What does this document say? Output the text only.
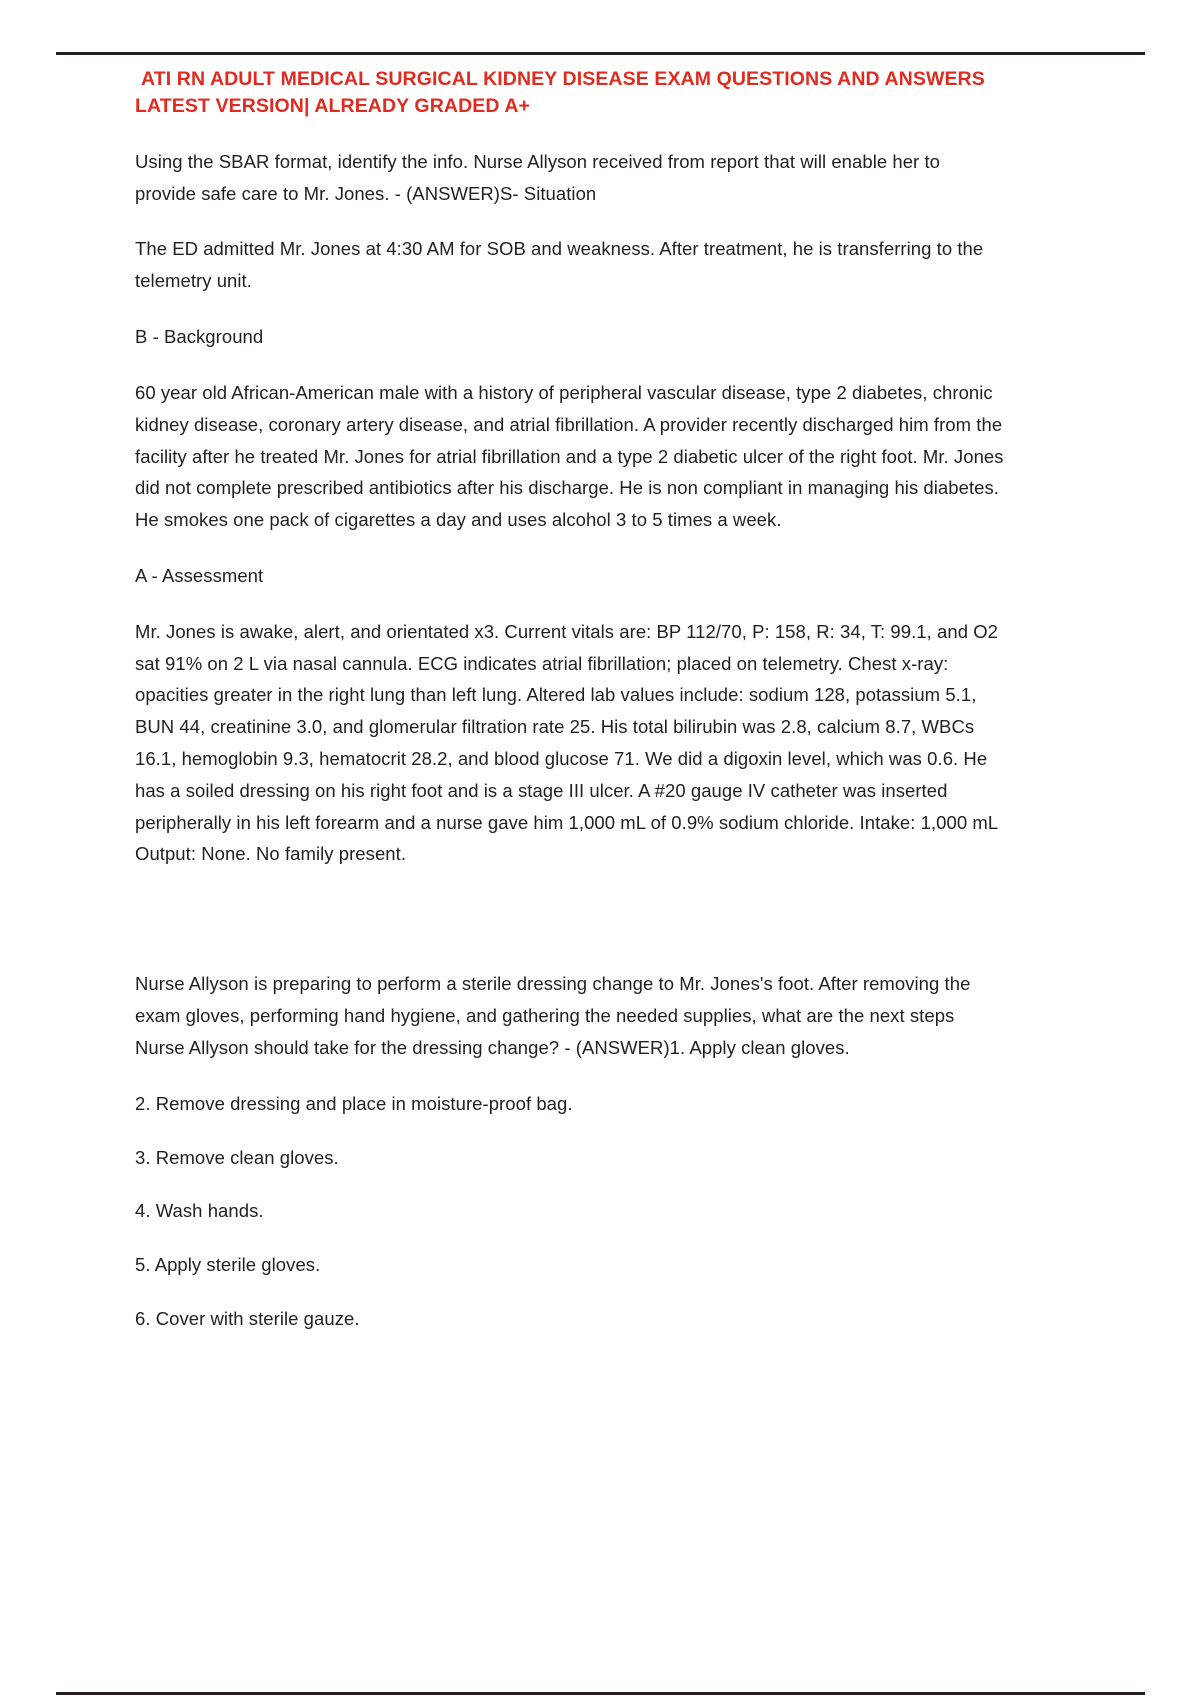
ATI RN ADULT MEDICAL SURGICAL KIDNEY DISEASE EXAM QUESTIONS AND ANSWERS LATEST VERSION| ALREADY GRADED A+

Using the SBAR format, identify the info. Nurse Allyson received from report that will enable her to provide safe care to Mr. Jones. - (ANSWER)S- Situation

The ED admitted Mr. Jones at 4:30 AM for SOB and weakness. After treatment, he is transferring to the telemetry unit.

B - Background

60 year old African-American male with a history of peripheral vascular disease, type 2 diabetes, chronic kidney disease, coronary artery disease, and atrial fibrillation. A provider recently discharged him from the facility after he treated Mr. Jones for atrial fibrillation and a type 2 diabetic ulcer of the right foot. Mr. Jones did not complete prescribed antibiotics after his discharge. He is non compliant in managing his diabetes. He smokes one pack of cigarettes a day and uses alcohol 3 to 5 times a week.

A - Assessment

Mr. Jones is awake, alert, and orientated x3. Current vitals are: BP 112/70, P: 158, R: 34, T: 99.1, and O2 sat 91% on 2 L via nasal cannula. ECG indicates atrial fibrillation; placed on telemetry. Chest x-ray: opacities greater in the right lung than left lung. Altered lab values include: sodium 128, potassium 5.1, BUN 44, creatinine 3.0, and glomerular filtration rate 25. His total bilirubin was 2.8, calcium 8.7, WBCs 16.1, hemoglobin 9.3, hematocrit 28.2, and blood glucose 71. We did a digoxin level, which was 0.6. He has a soiled dressing on his right foot and is a stage III ulcer. A #20 gauge IV catheter was inserted peripherally in his left forearm and a nurse gave him 1,000 mL of 0.9% sodium chloride. Intake: 1,000 mL Output: None. No family present.

Nurse Allyson is preparing to perform a sterile dressing change to Mr. Jones's foot. After removing the exam gloves, performing hand hygiene, and gathering the needed supplies, what are the next steps Nurse Allyson should take for the dressing change? - (ANSWER)1. Apply clean gloves.

2. Remove dressing and place in moisture-proof bag.

3. Remove clean gloves.

4. Wash hands.

5. Apply sterile gloves.

6. Cover with sterile gauze.
